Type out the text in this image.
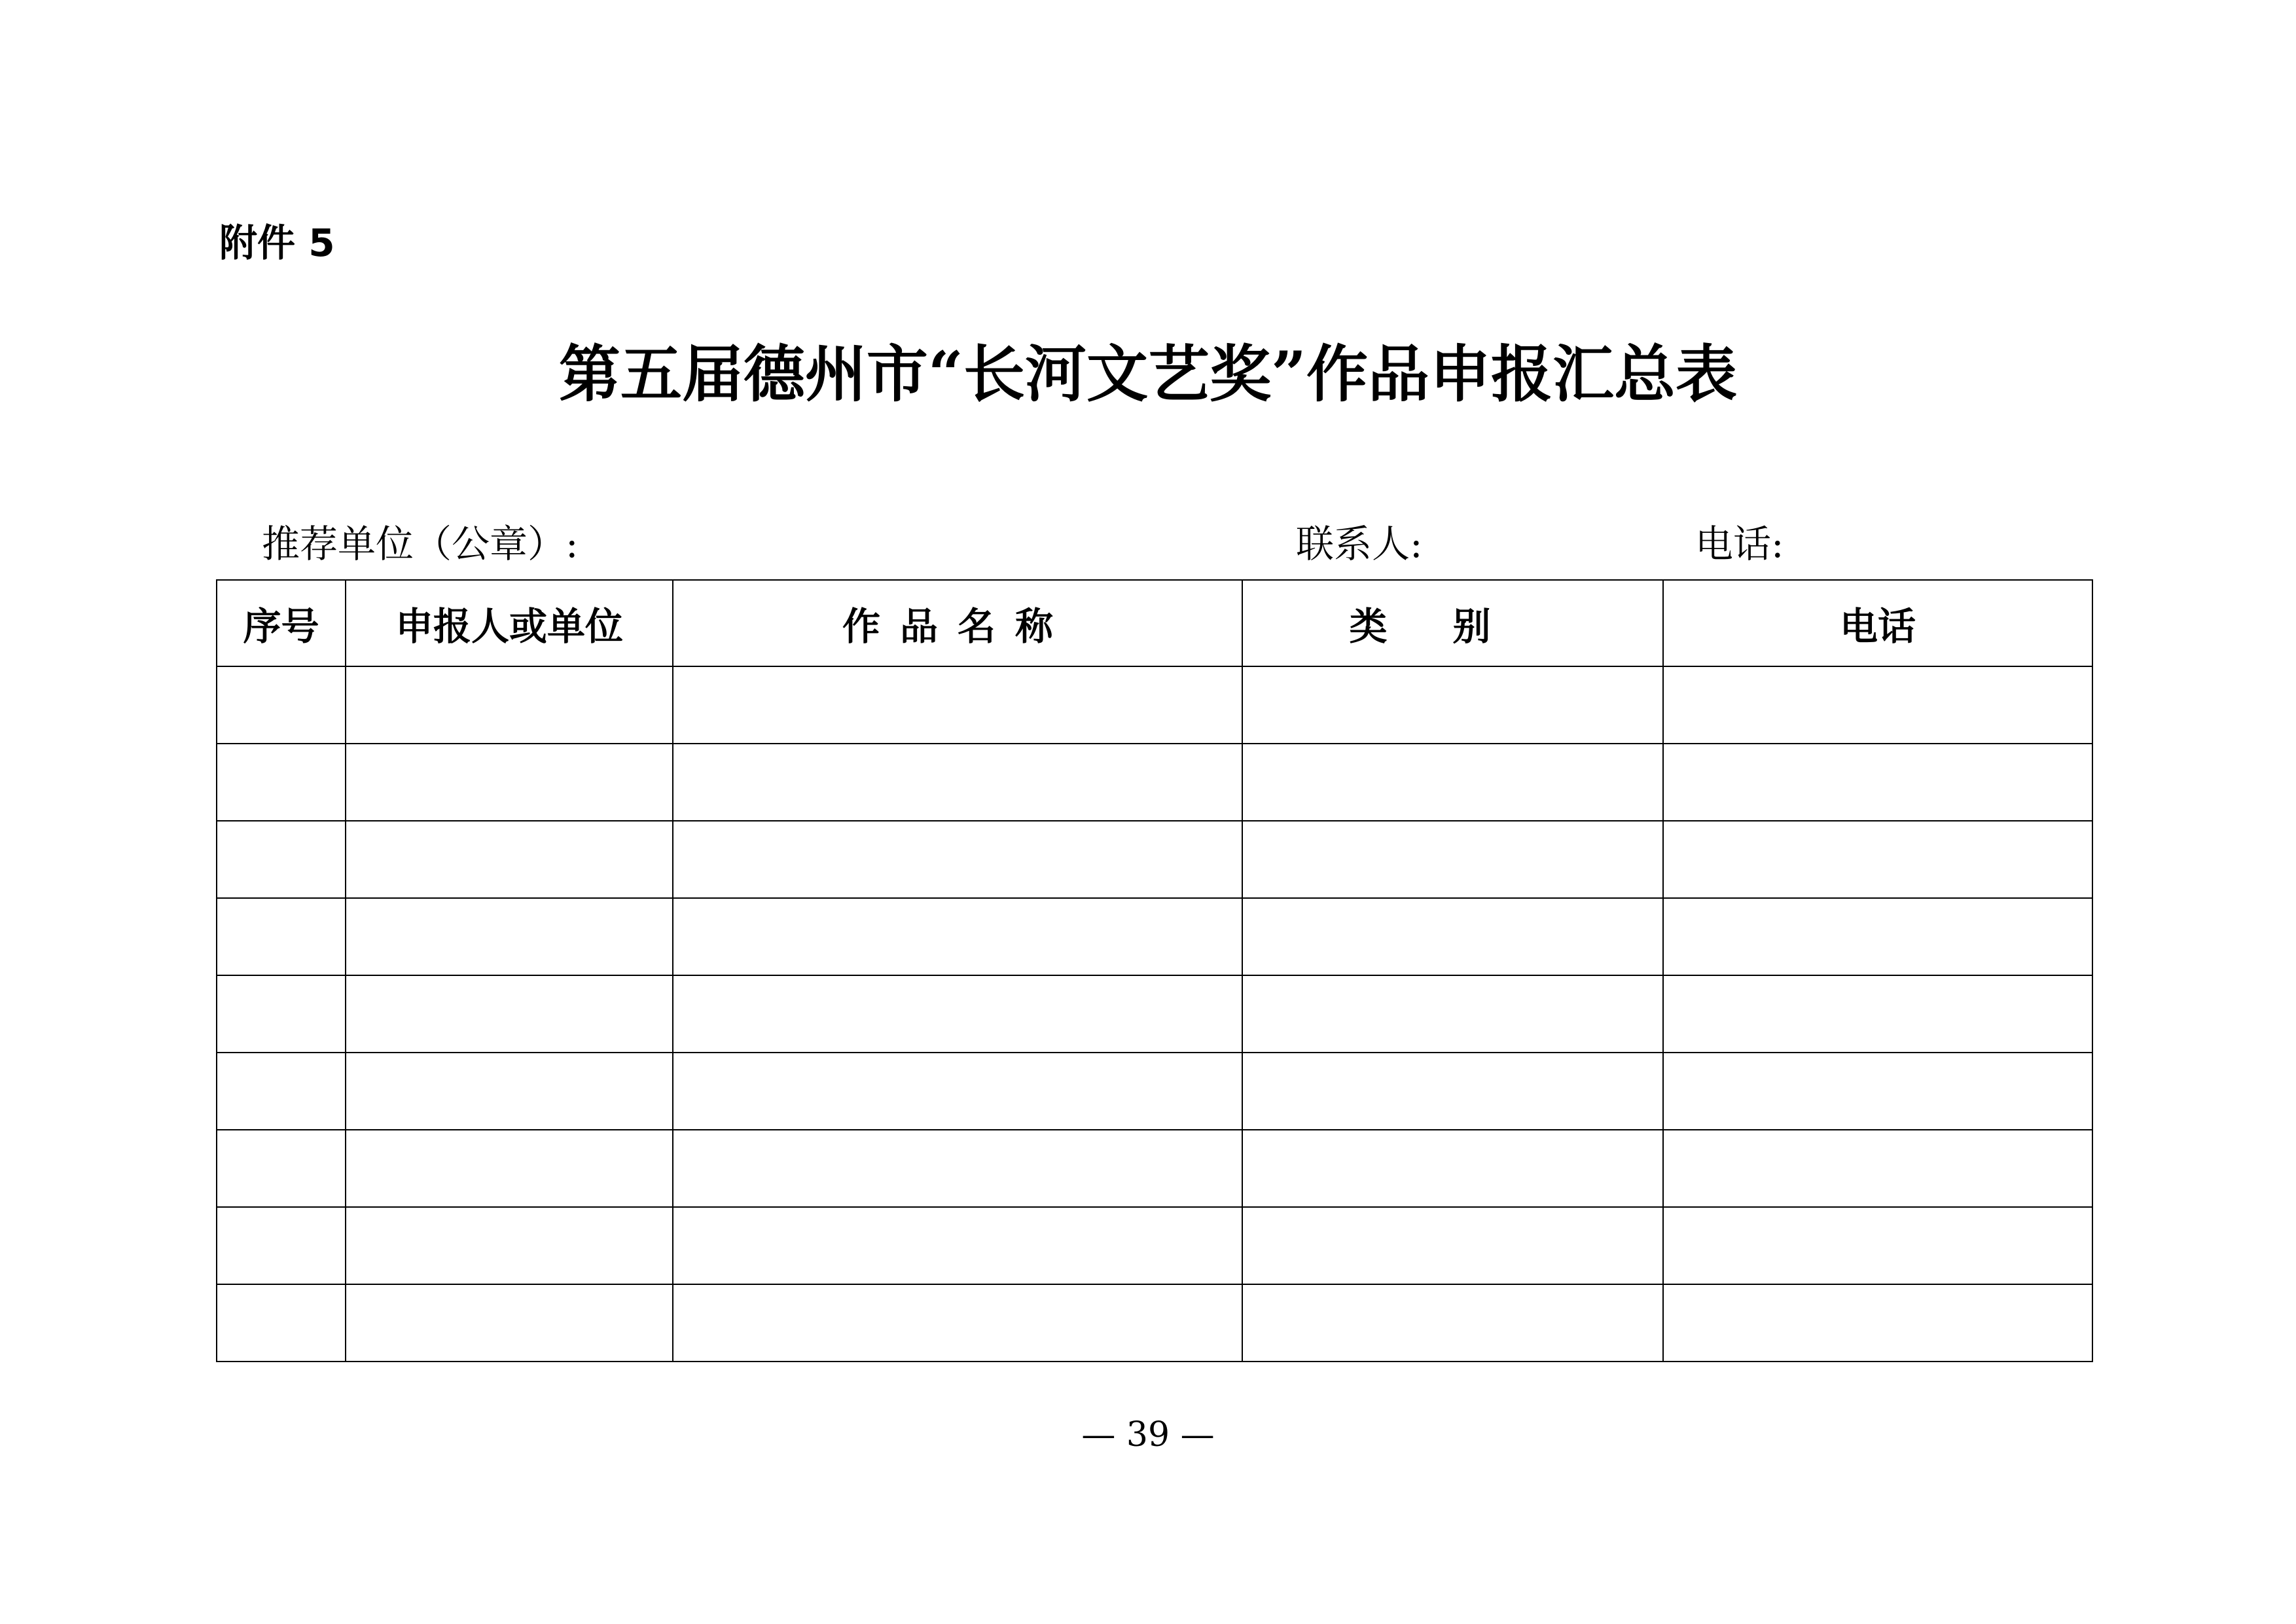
附件 5
第五届德州市“长河文艺奖”作品申报汇总表
推荐单位（公章）:	联系人:	电话:
序号	申报人或单位	作品名称	类别	电话

— 39 —
